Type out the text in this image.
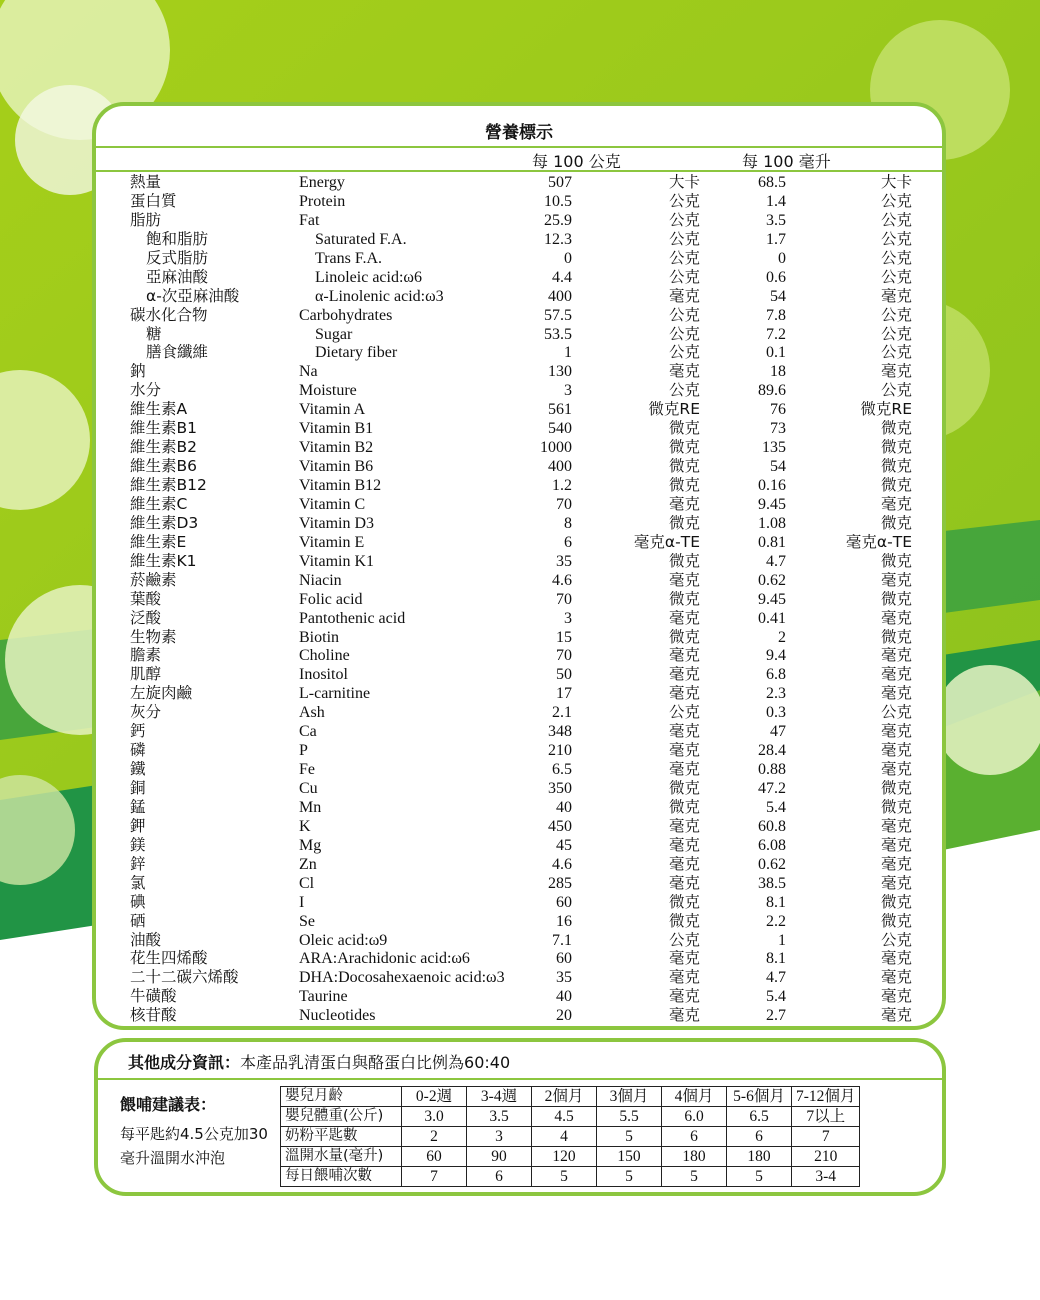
營養標示
每 100 公克	每 100 毫升
熱量	Energy	507	大卡	68.5	大卡
蛋白質	Protein	10.5	公克	1.4	公克
脂肪	Fat	25.9	公克	3.5	公克
飽和脂肪	Saturated F.A.	12.3	公克	1.7	公克
反式脂肪	Trans F.A.	0	公克	0	公克
亞麻油酸	Linoleic acid:ω6	4.4	公克	0.6	公克
α-次亞麻油酸	α-Linolenic acid:ω3	400	毫克	54	毫克
碳水化合物	Carbohydrates	57.5	公克	7.8	公克
糖	Sugar	53.5	公克	7.2	公克
膳食纖維	Dietary fiber	1	公克	0.1	公克
鈉	Na	130	毫克	18	毫克
水分	Moisture	3	公克	89.6	公克
維生素A	Vitamin A	561	微克RE	76	微克RE
維生素B1	Vitamin B1	540	微克	73	微克
維生素B2	Vitamin B2	1000	微克	135	微克
維生素B6	Vitamin B6	400	微克	54	微克
維生素B12	Vitamin B12	1.2	微克	0.16	微克
維生素C	Vitamin C	70	毫克	9.45	毫克
維生素D3	Vitamin D3	8	微克	1.08	微克
維生素E	Vitamin E	6	毫克α-TE	0.81	毫克α-TE
維生素K1	Vitamin K1	35	微克	4.7	微克
菸鹼素	Niacin	4.6	毫克	0.62	毫克
葉酸	Folic acid	70	微克	9.45	微克
泛酸	Pantothenic acid	3	毫克	0.41	毫克
生物素	Biotin	15	微克	2	微克
膽素	Choline	70	毫克	9.4	毫克
肌醇	Inositol	50	毫克	6.8	毫克
左旋肉鹼	L-carnitine	17	毫克	2.3	毫克
灰分	Ash	2.1	公克	0.3	公克
鈣	Ca	348	毫克	47	毫克
磷	P	210	毫克	28.4	毫克
鐵	Fe	6.5	毫克	0.88	毫克
銅	Cu	350	微克	47.2	微克
錳	Mn	40	微克	5.4	微克
鉀	K	450	毫克	60.8	毫克
鎂	Mg	45	毫克	6.08	毫克
鋅	Zn	4.6	毫克	0.62	毫克
氯	Cl	285	毫克	38.5	毫克
碘	I	60	微克	8.1	微克
硒	Se	16	微克	2.2	微克
油酸	Oleic acid:ω9	7.1	公克	1	公克
花生四烯酸	ARA:Arachidonic acid:ω6	60	毫克	8.1	毫克
二十二碳六烯酸	DHA:Docosahexaenoic acid:ω3	35	毫克	4.7	毫克
牛磺酸	Taurine	40	毫克	5.4	毫克
核苷酸	Nucleotides	20	毫克	2.7	毫克
其他成分資訊：本產品乳清蛋白與酪蛋白比例為60:40
餵哺建議表：
每平匙約4.5公克加30毫升溫開水沖泡
嬰兒月齡	0-2週	3-4週	2個月	3個月	4個月	5-6個月	7-12個月
嬰兒體重(公斤)	3.0	3.5	4.5	5.5	6.0	6.5	7以上
奶粉平匙數	2	3	4	5	6	6	7
溫開水量(毫升)	60	90	120	150	180	180	210
每日餵哺次數	7	6	5	5	5	5	3-4
